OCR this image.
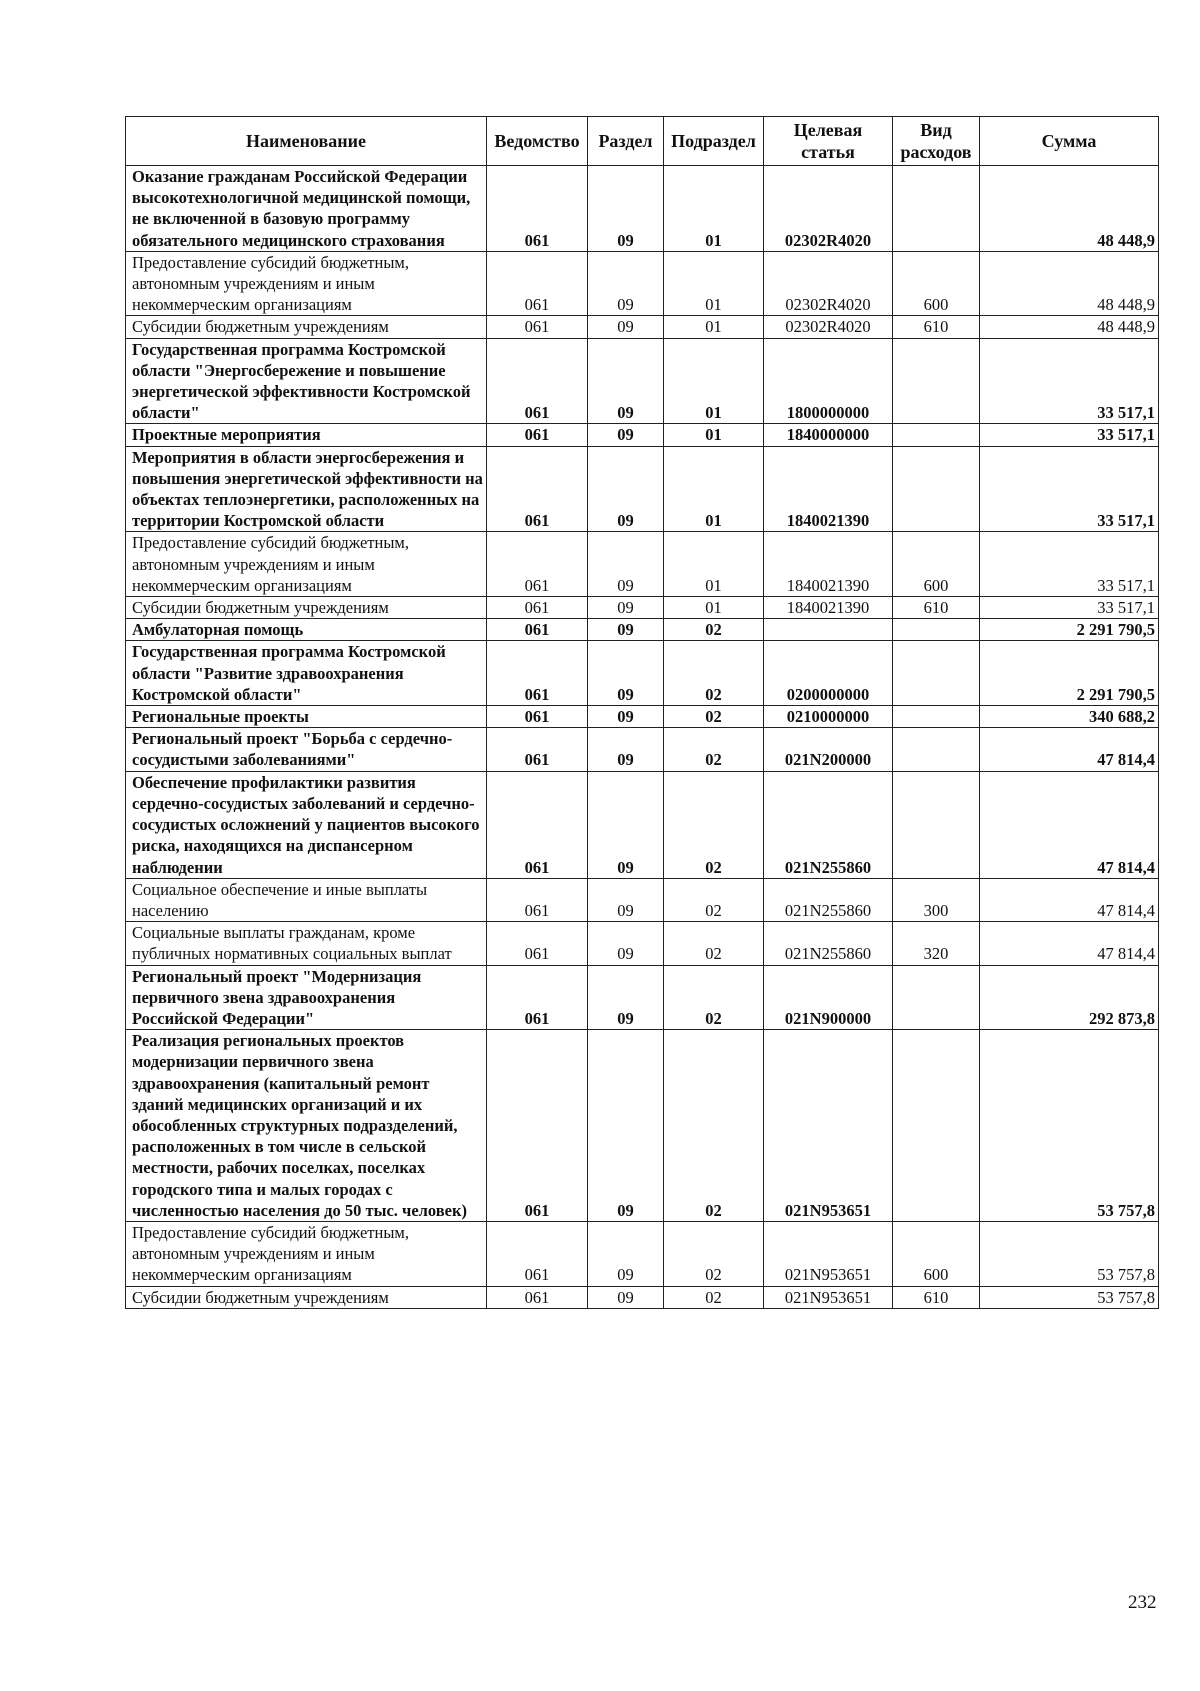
Наименование	Ведомство	Раздел	Подраздел	Целевая статья	Вид расходов	Сумма
Оказание гражданам Российской Федерации высокотехнологичной медицинской помощи, не включенной в базовую программу обязательного медицинского страхования	061	09	01	02302R4020		48 448,9
Предоставление субсидий бюджетным, автономным учреждениям и иным некоммерческим организациям	061	09	01	02302R4020	600	48 448,9
Субсидии бюджетным учреждениям	061	09	01	02302R4020	610	48 448,9
Государственная программа Костромской области "Энергосбережение и повышение энергетической эффективности Костромской области"	061	09	01	1800000000		33 517,1
Проектные мероприятия	061	09	01	1840000000		33 517,1
Мероприятия в области энергосбережения и повышения энергетической эффективности на объектах теплоэнергетики, расположенных на территории Костромской области	061	09	01	1840021390		33 517,1
Предоставление субсидий бюджетным, автономным учреждениям и иным некоммерческим организациям	061	09	01	1840021390	600	33 517,1
Субсидии бюджетным учреждениям	061	09	01	1840021390	610	33 517,1
Амбулаторная помощь	061	09	02			2 291 790,5
Государственная программа Костромской области "Развитие здравоохранения Костромской области"	061	09	02	0200000000		2 291 790,5
Региональные проекты	061	09	02	0210000000		340 688,2
Региональный проект "Борьба с сердечно-сосудистыми заболеваниями"	061	09	02	021N200000		47 814,4
Обеспечение профилактики развития сердечно-сосудистых заболеваний и сердечно-сосудистых осложнений у пациентов высокого риска, находящихся на диспансерном наблюдении	061	09	02	021N255860		47 814,4
Социальное обеспечение и иные выплаты населению	061	09	02	021N255860	300	47 814,4
Социальные выплаты гражданам, кроме публичных нормативных социальных выплат	061	09	02	021N255860	320	47 814,4
Региональный проект "Модернизация первичного звена здравоохранения Российской Федерации"	061	09	02	021N900000		292 873,8
Реализация региональных проектов модернизации первичного звена здравоохранения (капитальный ремонт зданий медицинских организаций и их обособленных структурных подразделений, расположенных в том числе в сельской местности, рабочих поселках, поселках городского типа и малых городах с численностью населения до 50 тыс. человек)	061	09	02	021N953651		53 757,8
Предоставление субсидий бюджетным, автономным учреждениям и иным некоммерческим организациям	061	09	02	021N953651	600	53 757,8
Субсидии бюджетным учреждениям	061	09	02	021N953651	610	53 757,8
232
